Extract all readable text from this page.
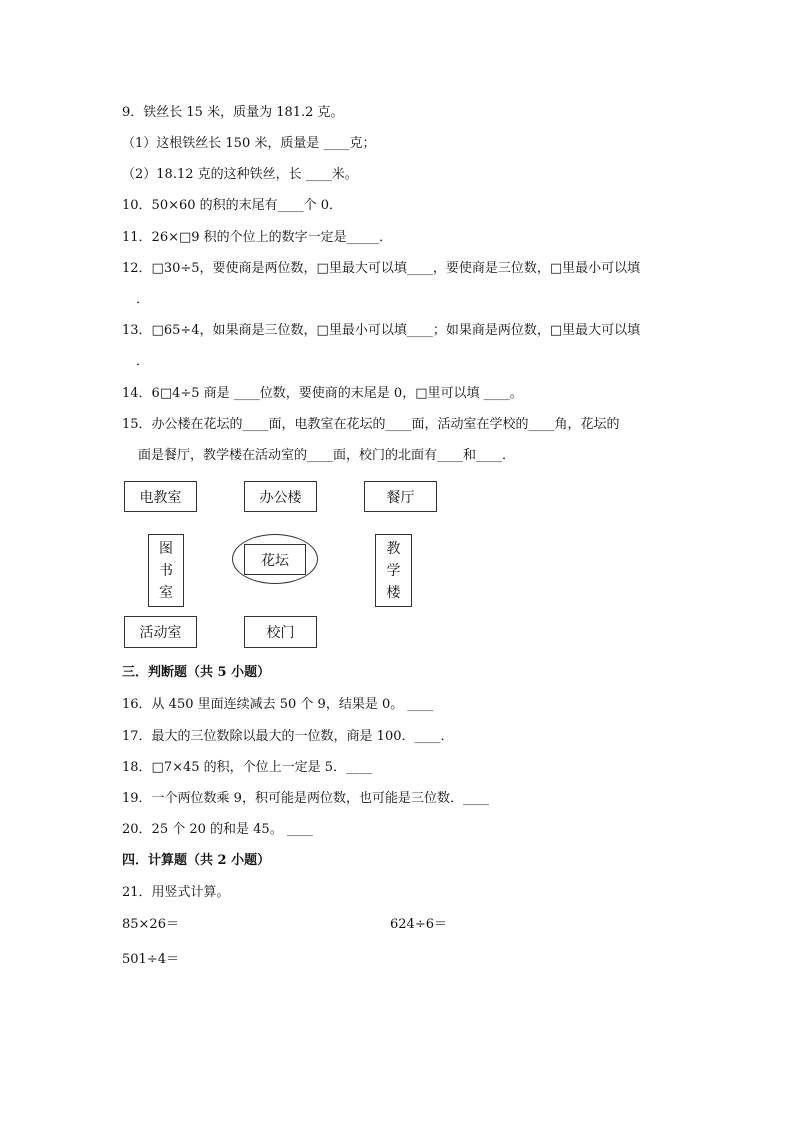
9．铁丝长 15 米，质量为 181.2 克。
（1）这根铁丝长 150 米，质量是 ____克；
（2）18.12 克的这种铁丝，长 ____米。
10．50×60 的积的末尾有____个 0．
11．26×□9 积的个位上的数字一定是_____．
12．□30÷5，要使商是两位数，□里最大可以填____，要使商是三位数，□里最小可以填
．
13．□65÷4，如果商是三位数，□里最小可以填____；如果商是两位数，□里最大可以填
．
14．6□4÷5 商是 ____位数，要使商的末尾是 0，□里可以填 ____。
15．办公楼在花坛的____面，电教室在花坛的____面，活动室在学校的____角，花坛的
面是餐厅，教学楼在活动室的____面，校门的北面有____和____．
电教室	办公楼	餐厅
图
书
室
花坛
教
学
楼
活动室	校门
三．判断题（共 5 小题）
16．从 450 里面连续减去 50 个 9，结果是 0。 ____
17．最大的三位数除以最大的一位数，商是 100．____．
18．□7×45 的积，个位上一定是 5．____
19．一个两位数乘 9，积可能是两位数，也可能是三位数．____
20．25 个 20 的和是 45。 ____
四．计算题（共 2 小题）
21．用竖式计算。
85×26＝	624÷6＝
501÷4＝
